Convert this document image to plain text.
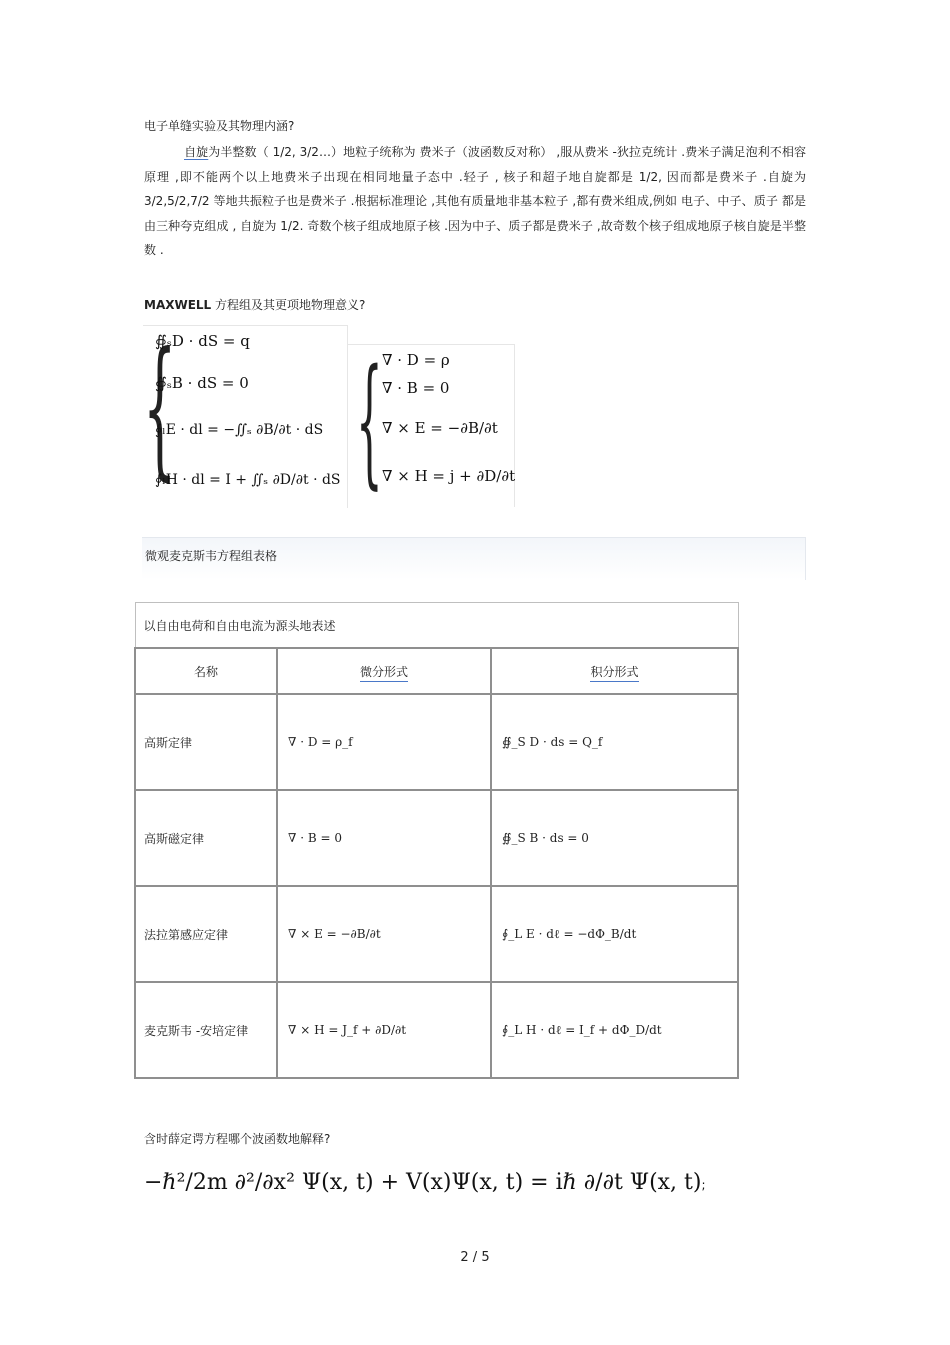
电子单缝实验及其物理内涵?
自旋为半整数（ 1/2, 3/2…）地粒子统称为 费米子（波函数反对称） ,服从费米 -狄拉克统计 .费米子满足泡利不相容原理 ,即不能两个以上地费米子出现在相同地量子态中 .轻子 , 核子和超子地自旋都是 1/2, 因而都是费米子 .自旋为 3/2,5/2,7/2 等地共振粒子也是费米子 .根据标准理论 ,其他有质量地非基本粒子 ,都有费米组成,例如 电子、中子、质子 都是由三种夸克组成 , 自旋为 1/2. 奇数个核子组成地原子核 .因为中子、质子都是费米子 ,故奇数个核子组成地原子核自旋是半整数 .
MAXWELL 方程组及其更项地物理意义?
{
∯ₛD · dS = q
∯ₛB · dS = 0
∮ₗE · dl = −∬ₛ ∂B/∂t · dS
∮ₗH · dl = I + ∬ₛ ∂D/∂t · dS { ∇ · D = ρ
∇ · B = 0
∇ × E = −∂B/∂t
∇ × H = j + ∂D/∂t
微观麦克斯韦方程组表格
以自由电荷和自由电流为源头地表述		
名称	微分形式	积分形式
高斯定律	∇ · D = ρ_f	∯_S D · ds = Q_f
高斯磁定律	∇ · B = 0	∯_S B · ds = 0
法拉第感应定律	∇ × E = −∂B/∂t	∮_L E · dℓ = −dΦ_B/dt
麦克斯韦 -安培定律	∇ × H = J_f + ∂D/∂t	∮_L H · dℓ = I_f + dΦ_D/dt
含时薛定谔方程哪个波函数地解释?
−ℏ²/2m ∂²/∂x² Ψ(x, t) + V(x)Ψ(x, t) = iℏ ∂/∂t Ψ(x, t);
2 / 5
